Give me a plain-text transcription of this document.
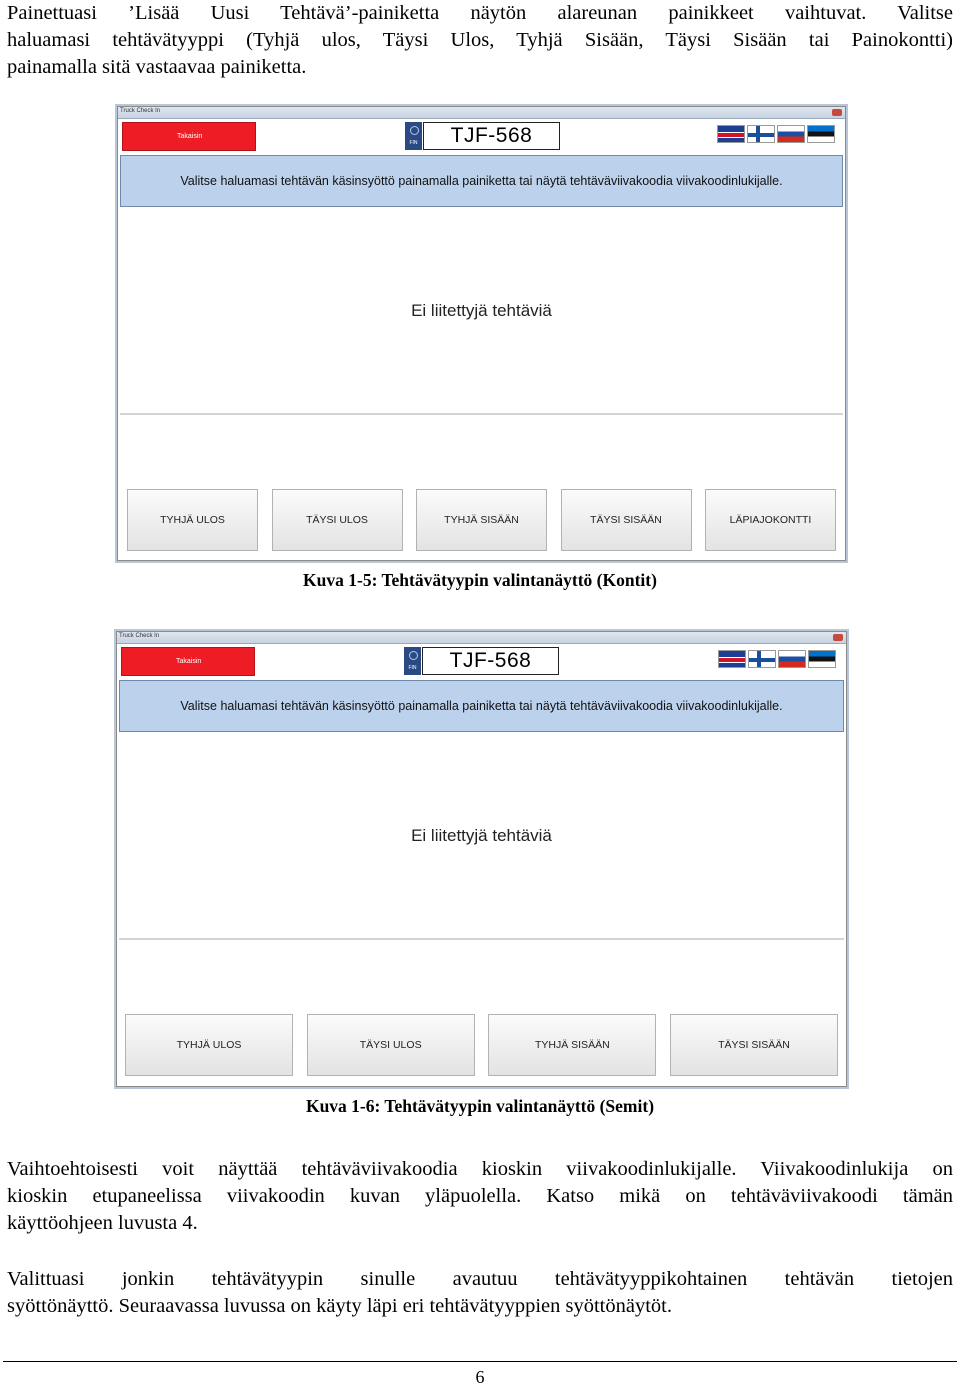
Painettuasi ’Lisää Uusi Tehtävä’-painiketta näytön alareunan painikkeet vaihtuvat. Valitse
haluamasi tehtävätyyppi (Tyhjä ulos, Täysi Ulos, Tyhjä Sisään, Täysi Sisään tai Painokontti)
painamalla sitä vastaavaa painiketta.
Truck Check In
Takaisin
FIN	TJF-568
Valitse haluamasi tehtävän käsinsyöttö painamalla painiketta tai näytä tehtäväviivakoodia viivakoodinlukijalle.
Ei liitettyjä tehtäviä
TYHJÄ ULOS	TÄYSI ULOS	TYHJÄ SISÄÄN	TÄYSI SISÄÄN	LÄPIAJOKONTTI
Kuva 1-5: Tehtävätyypin valintanäyttö (Kontit)
Truck Check In
Takaisin
FIN	TJF-568
Valitse haluamasi tehtävän käsinsyöttö painamalla painiketta tai näytä tehtäväviivakoodia viivakoodinlukijalle.
Ei liitettyjä tehtäviä
TYHJÄ ULOS	TÄYSI ULOS	TYHJÄ SISÄÄN	TÄYSI SISÄÄN
Kuva 1-6: Tehtävätyypin valintanäyttö (Semit)
Vaihtoehtoisesti voit näyttää tehtäväviivakoodia kioskin viivakoodinlukijalle. Viivakoodinlukija on
kioskin etupaneelissa viivakoodin kuvan yläpuolella. Katso mikä on tehtäväviivakoodi tämän
käyttöohjeen luvusta 4.
Valittuasi jonkin tehtävätyypin sinulle avautuu tehtävätyyppikohtainen tehtävän tietojen
syöttönäyttö. Seuraavassa luvussa on käyty läpi eri tehtävätyyppien syöttönäytöt.
6
